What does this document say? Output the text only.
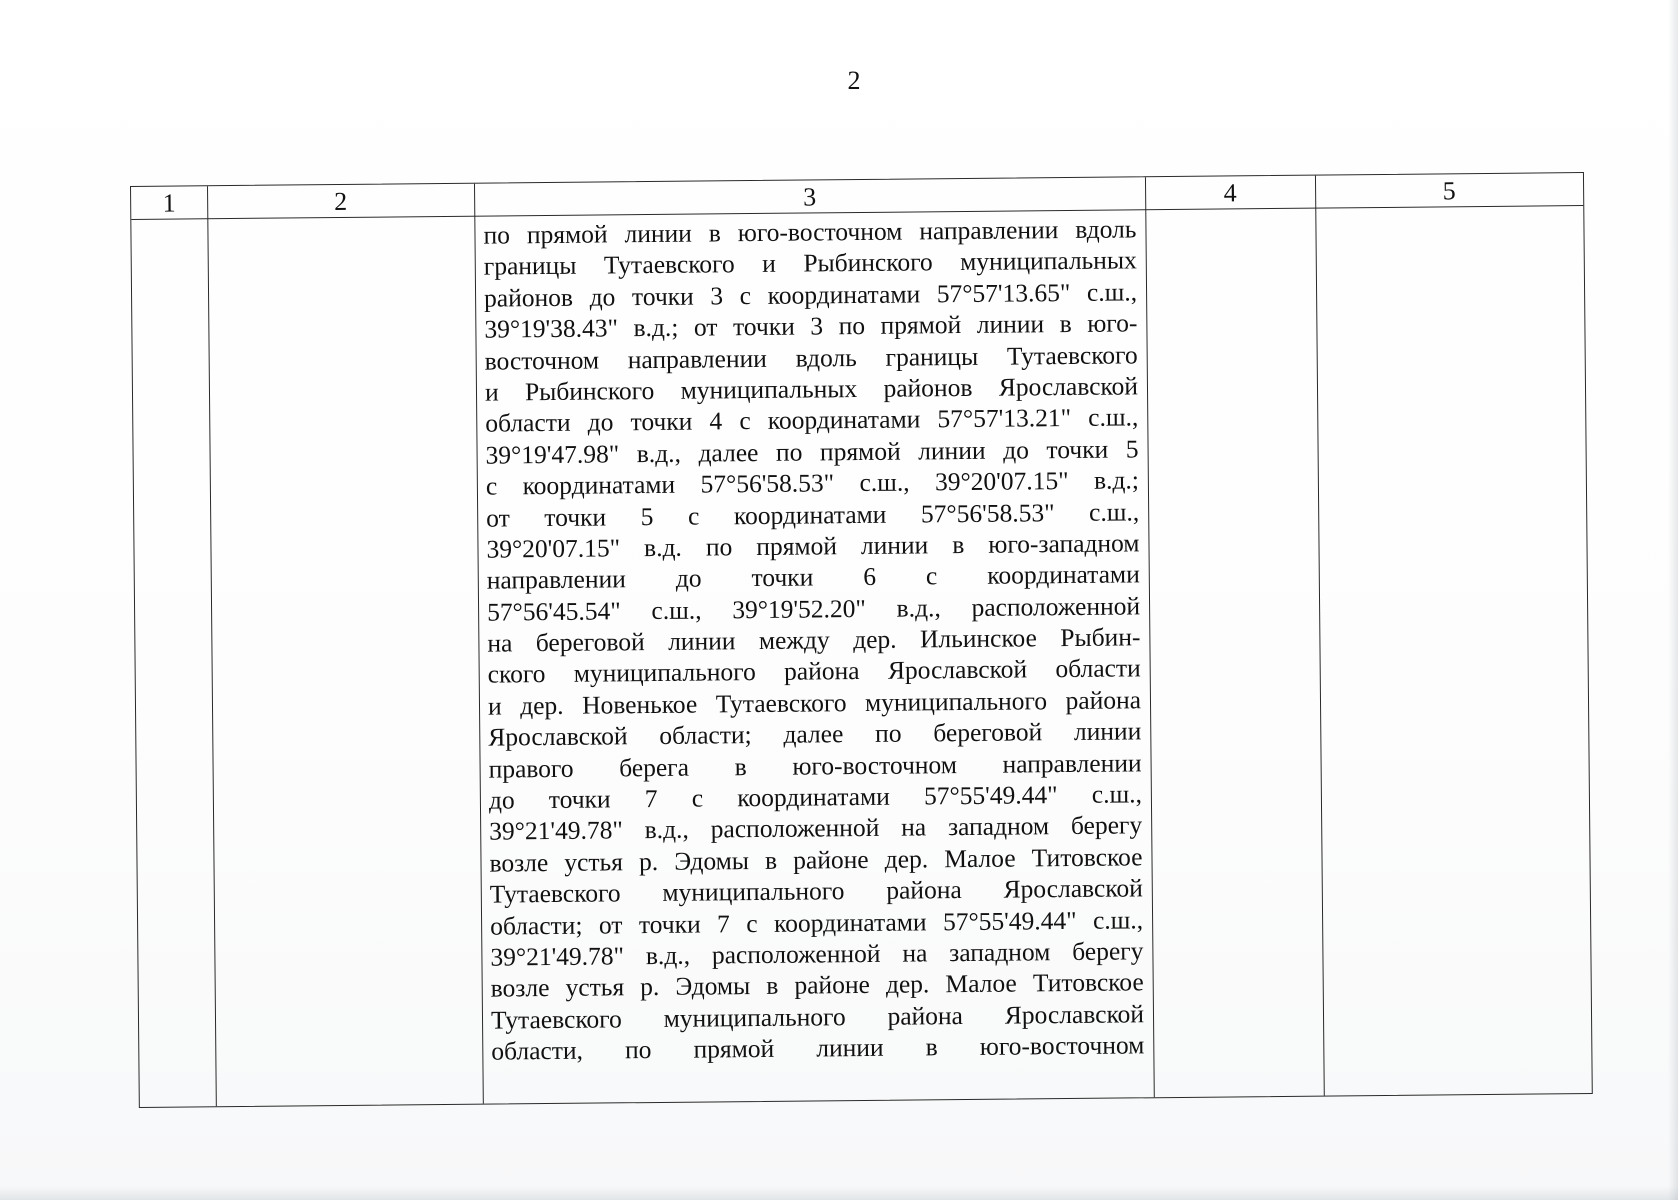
2
1	2	3	4	5
по прямой линии в юго-восточном направлении вдоль
границы Тутаевского и Рыбинского муниципальных
районов до точки 3 с координатами 57°57'13.65" с.ш.,
39°19'38.43" в.д.; от точки 3 по прямой линии в юго-
восточном направлении вдоль границы Тутаевского
и Рыбинского муниципальных районов Ярославской
области до точки 4 с координатами 57°57'13.21" с.ш.,
39°19'47.98" в.д., далее по прямой линии до точки 5
с координатами 57°56'58.53" с.ш., 39°20'07.15" в.д.;
от точки 5 с координатами 57°56'58.53" с.ш.,
39°20'07.15" в.д. по прямой линии в юго-западном
направлении до точки 6 с координатами
57°56'45.54" с.ш., 39°19'52.20" в.д., расположенной
на береговой линии между дер. Ильинское Рыбин-
ского муниципального района Ярославской области
и дер. Новенькое Тутаевского муниципального района
Ярославской области; далее по береговой линии
правого берега в юго-восточном направлении
до точки 7 с координатами 57°55'49.44" с.ш.,
39°21'49.78" в.д., расположенной на западном берегу
возле устья р. Эдомы в районе дер. Малое Титовское
Тутаевского муниципального района Ярославской
области; от точки 7 с координатами 57°55'49.44" с.ш.,
39°21'49.78" в.д., расположенной на западном берегу
возле устья р. Эдомы в районе дер. Малое Титовское
Тутаевского муниципального района Ярославской
области, по прямой линии в юго-восточном
